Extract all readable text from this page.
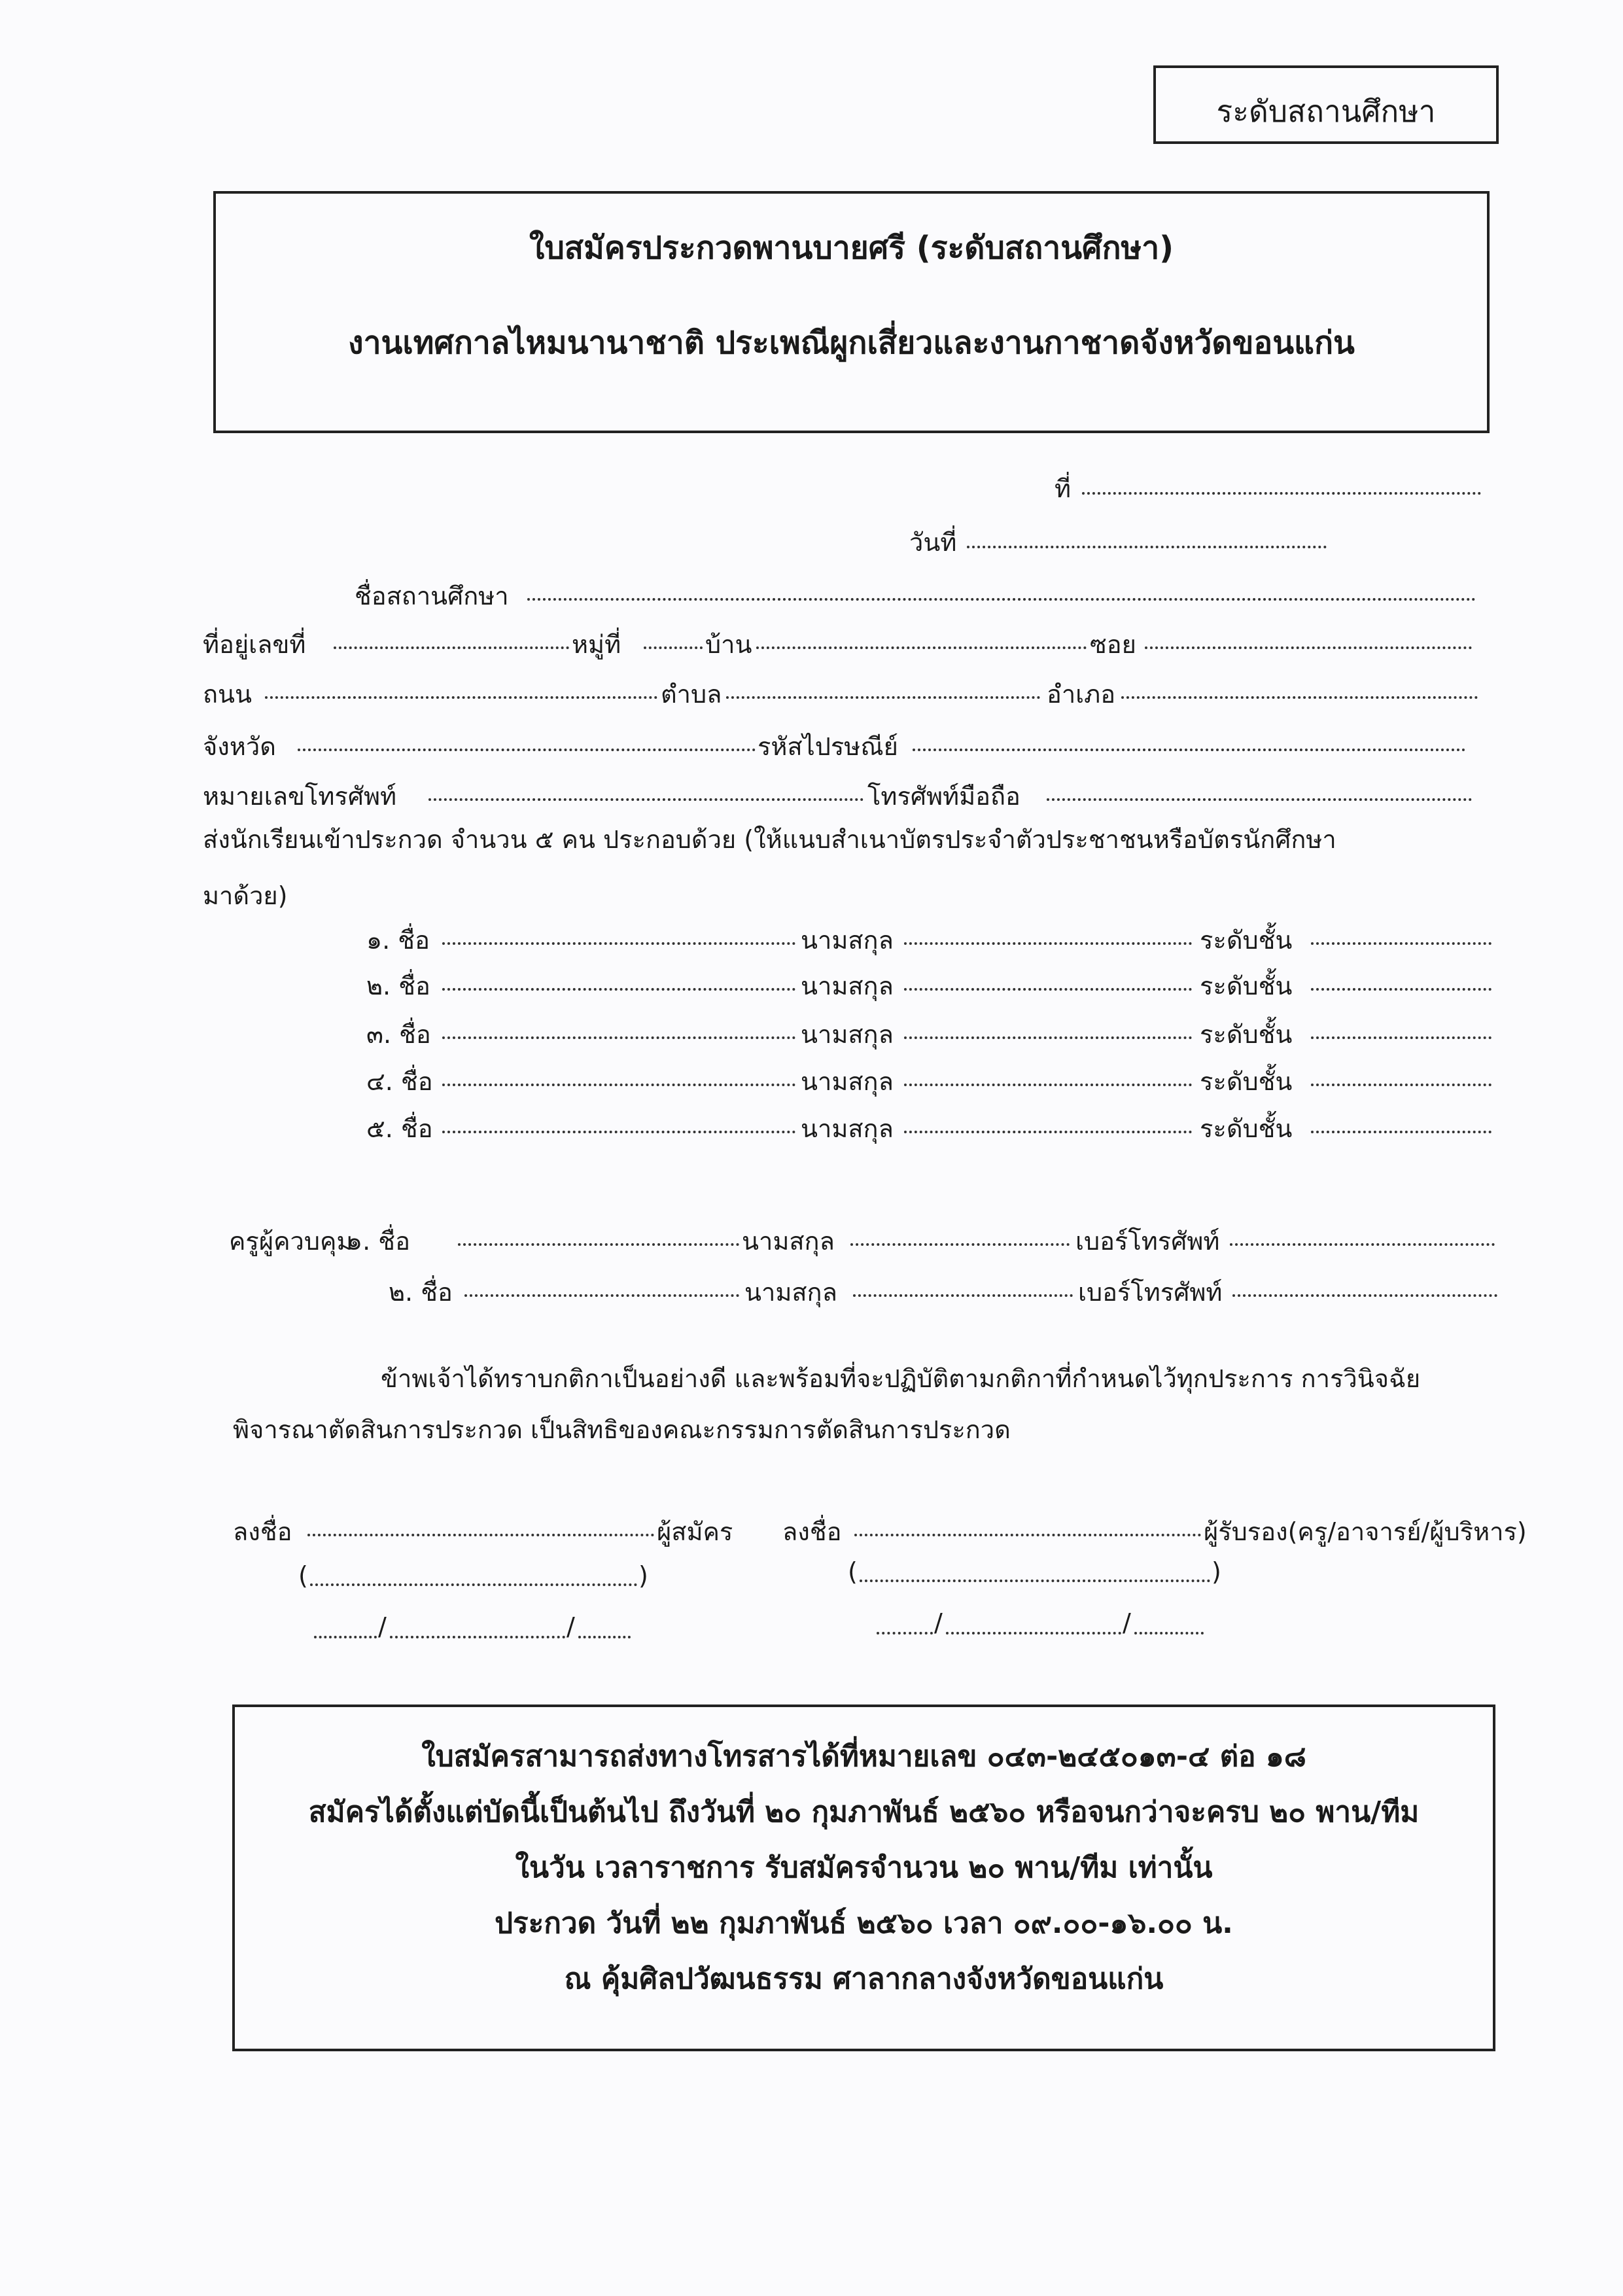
ระดับสถานศึกษา
ใบสมัครประกวดพานบายศรี (ระดับสถานศึกษา)
งานเทศกาลไหมนานาชาติ ประเพณีผูกเสี่ยวและงานกาชาดจังหวัดขอนแก่น
ที่
วันที่
ชื่อสถานศึกษา
ที่อยู่เลขที่	หมู่ที่	บ้าน	ซอย
ถนน	ตำบล	อำเภอ
จังหวัด	รหัสไปรษณีย์
หมายเลขโทรศัพท์	โทรศัพท์มือถือ
ส่งนักเรียนเข้าประกวด จำนวน ๕ คน ประกอบด้วย (ให้แนบสำเนาบัตรประจำตัวประชาชนหรือบัตรนักศึกษา
มาด้วย)
๑. ชื่อ	นามสกุล	ระดับชั้น
๒. ชื่อ	นามสกุล	ระดับชั้น
๓. ชื่อ	นามสกุล	ระดับชั้น
๔. ชื่อ	นามสกุล	ระดับชั้น
๕. ชื่อ	นามสกุล	ระดับชั้น
ครูผู้ควบคุม
๑. ชื่อ	นามสกุล	เบอร์โทรศัพท์
๒. ชื่อ	นามสกุล	เบอร์โทรศัพท์
ข้าพเจ้าได้ทราบกติกาเป็นอย่างดี และพร้อมที่จะปฏิบัติตามกติกาที่กำหนดไว้ทุกประการ การวินิจฉัย
พิจารณาตัดสินการประกวด เป็นสิทธิของคณะกรรมการตัดสินการประกวด
ลงชื่อ	ผู้สมัคร ลงชื่อ	ผู้รับรอง(ครู/อาจารย์/ผู้บริหาร)
(	)	(	)
/	/	/	/
ใบสมัครสามารถส่งทางโทรสารได้ที่หมายเลข ๐๔๓-๒๔๕๐๑๓-๔ ต่อ ๑๘
สมัครได้ตั้งแต่บัดนี้เป็นต้นไป ถึงวันที่ ๒๐ กุมภาพันธ์ ๒๕๖๐ หรือจนกว่าจะครบ ๒๐ พาน/ทีม
ในวัน เวลาราชการ รับสมัครจำนวน ๒๐ พาน/ทีม เท่านั้น
ประกวด วันที่ ๒๒ กุมภาพันธ์ ๒๕๖๐ เวลา ๐๙.๐๐-๑๖.๐๐ น.
ณ คุ้มศิลปวัฒนธรรม ศาลากลางจังหวัดขอนแก่น
